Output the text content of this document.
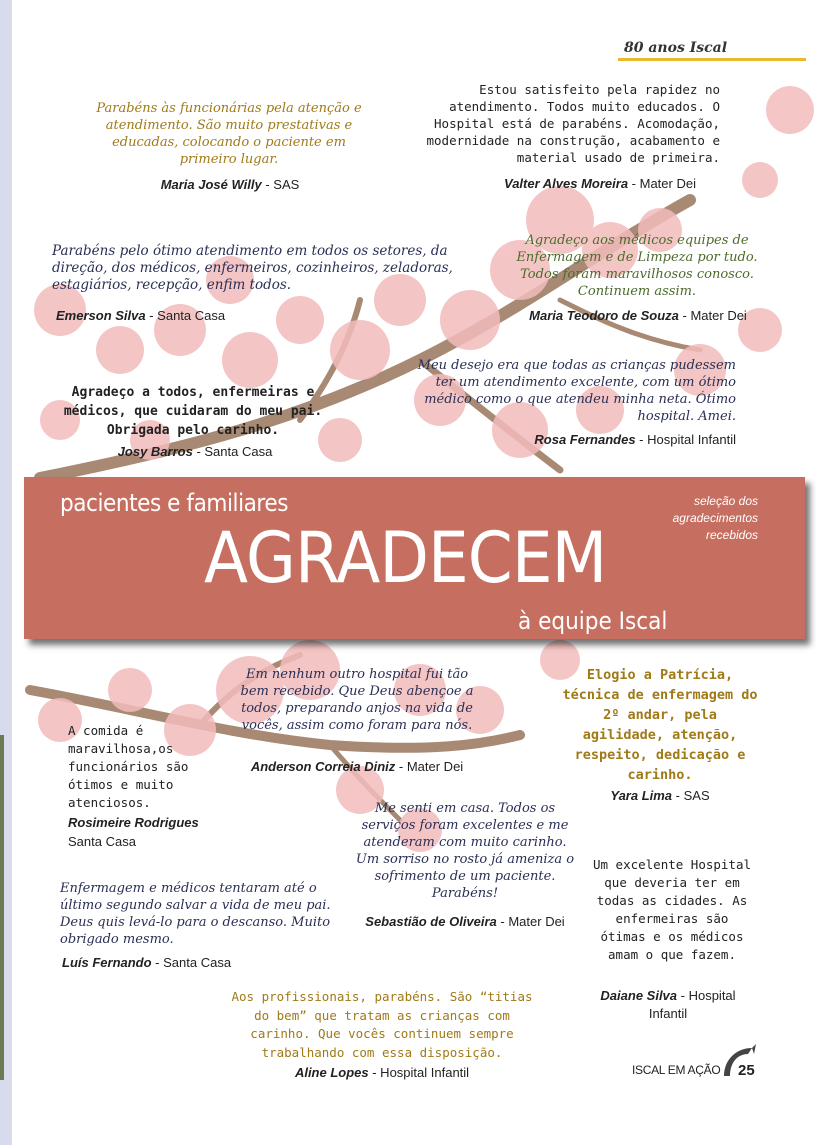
80 anos Iscal
Parabéns às funcionárias pela atenção e atendimento. São muito prestativas e educadas, colocando o paciente em primeiro lugar.
Maria José Willy - SAS
Estou satisfeito pela rapidez no atendimento. Todos muito educados. O Hospital está de parabéns. Acomodação, modernidade na construção, acabamento e material usado de primeira.
Valter Alves Moreira - Mater Dei
Parabéns pelo ótimo atendimento em todos os setores, da direção, dos médicos, enfermeiros, cozinheiros, zeladoras, estagiários, recepção, enfim todos.
Emerson Silva - Santa Casa
Agradeço aos médicos equipes de Enfermagem e de Limpeza por tudo. Todos foram maravilhosos conosco. Continuem assim.
Maria Teodoro de Souza - Mater Dei
Agradeço a todos, enfermeiras e médicos, que cuidaram do meu pai. Obrigada pelo carinho.
Josy Barros - Santa Casa
Meu desejo era que todas as crianças pudessem ter um atendimento excelente, com um ótimo médico como o que atendeu minha neta. Ótimo hospital. Amei.
Rosa Fernandes - Hospital Infantil
pacientes e familiares
AGRADECEM
à equipe Iscal
seleção dos agradecimentos recebidos
Em nenhum outro hospital fui tão bem recebido. Que Deus abençoe a todos, preparando anjos na vida de vocês, assim como foram para nós.
Anderson Correia Diniz - Mater Dei
Elogio a Patrícia, técnica de enfermagem do 2º andar, pela agilidade, atenção, respeito, dedicação e carinho.
Yara Lima - SAS
A comida é maravilhosa,os funcionários são ótimos e muito atenciosos.
Rosimeire Rodrigues
Santa Casa
Me senti em casa. Todos os serviços foram excelentes e me atenderam com muito carinho. Um sorriso no rosto já ameniza o sofrimento de um paciente. Parabéns!
Sebastião de Oliveira - Mater Dei
Um excelente Hospital que deveria ter em todas as cidades. As enfermeiras são ótimas e os médicos amam o que fazem.
Daiane Silva - Hospital Infantil
Enfermagem e médicos tentaram até o último segundo salvar a vida de meu pai. Deus quis levá-lo para o descanso. Muito obrigado mesmo.
Luís Fernando - Santa Casa
Aos profissionais, parabéns. São “titias do bem” que tratam as crianças com carinho. Que vocês continuem sempre trabalhando com essa disposição.
Aline Lopes - Hospital Infantil	ISCAL EM AÇÃO 25
